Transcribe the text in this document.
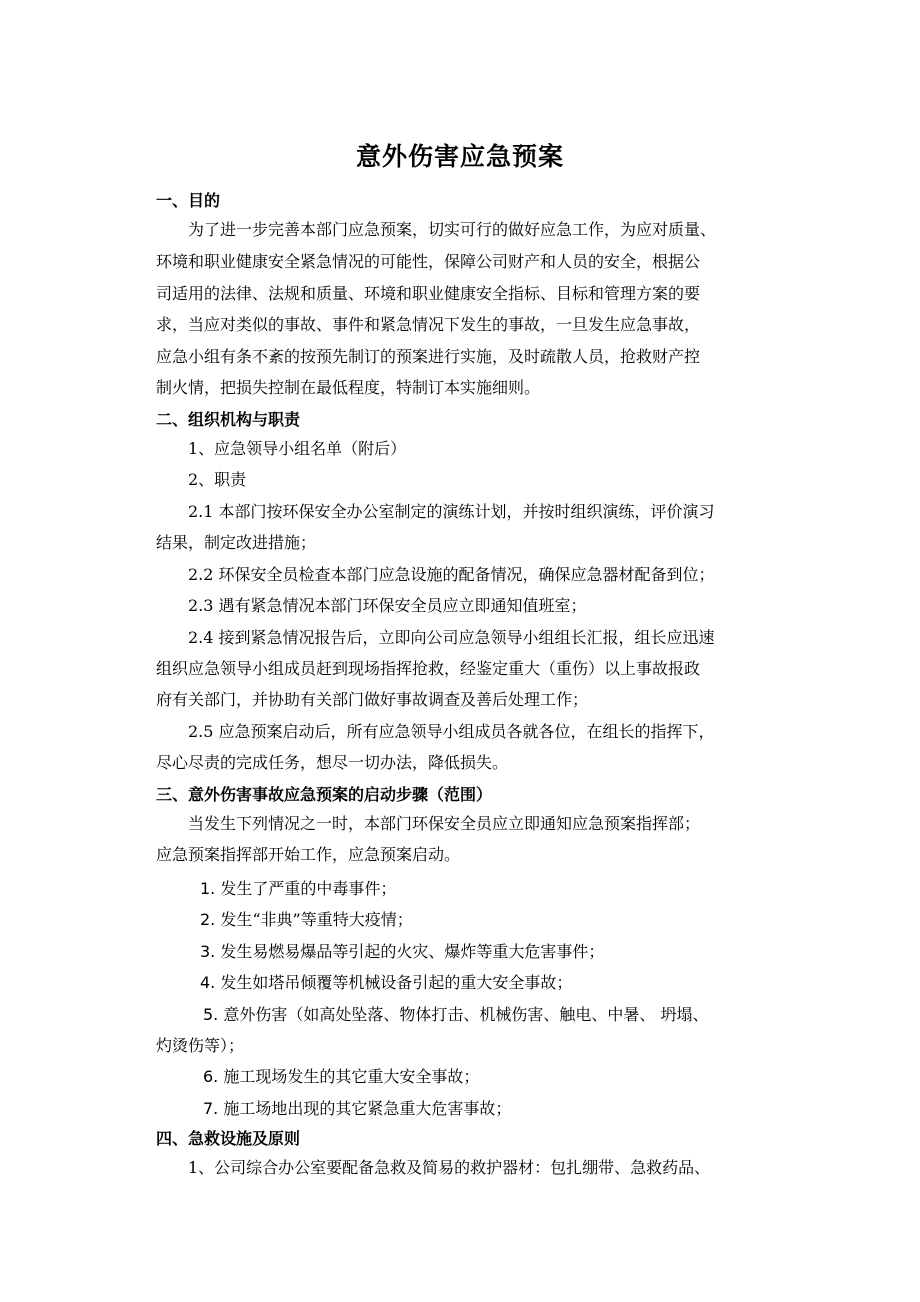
意外伤害应急预案
一、目的
为了进一步完善本部门应急预案，切实可行的做好应急工作，为应对质量、
环境和职业健康安全紧急情况的可能性，保障公司财产和人员的安全，根据公
司适用的法律、法规和质量、环境和职业健康安全指标、目标和管理方案的要
求，当应对类似的事故、事件和紧急情况下发生的事故，一旦发生应急事故，
应急小组有条不紊的按预先制订的预案进行实施，及时疏散人员，抢救财产控
制火情，把损失控制在最低程度，特制订本实施细则。
二、组织机构与职责
1、应急领导小组名单（附后）
2、职责
2.1 本部门按环保安全办公室制定的演练计划，并按时组织演练，评价演习
结果，制定改进措施；
2.2 环保安全员检查本部门应急设施的配备情况，确保应急器材配备到位；
2.3 遇有紧急情况本部门环保安全员应立即通知值班室；
2.4 接到紧急情况报告后，立即向公司应急领导小组组长汇报，组长应迅速
组织应急领导小组成员赶到现场指挥抢救，经鉴定重大（重伤）以上事故报政
府有关部门，并协助有关部门做好事故调查及善后处理工作；
2.5 应急预案启动后，所有应急领导小组成员各就各位，在组长的指挥下，
尽心尽责的完成任务，想尽一切办法，降低损失。
三、意外伤害事故应急预案的启动步骤（范围）
当发生下列情况之一时，本部门环保安全员应立即通知应急预案指挥部；
应急预案指挥部开始工作，应急预案启动。
1. 发生了严重的中毒事件；
2. 发生“非典”等重特大疫情；
3. 发生易燃易爆品等引起的火灾、爆炸等重大危害事件；
4. 发生如塔吊倾覆等机械设备引起的重大安全事故；
5. 意外伤害（如高处坠落、物体打击、机械伤害、触电、中暑、 坍塌、
灼烫伤等）；
6. 施工现场发生的其它重大安全事故；
7. 施工场地出现的其它紧急重大危害事故；
四、急救设施及原则
1、公司综合办公室要配备急救及简易的救护器材：包扎绷带、急救药品、
